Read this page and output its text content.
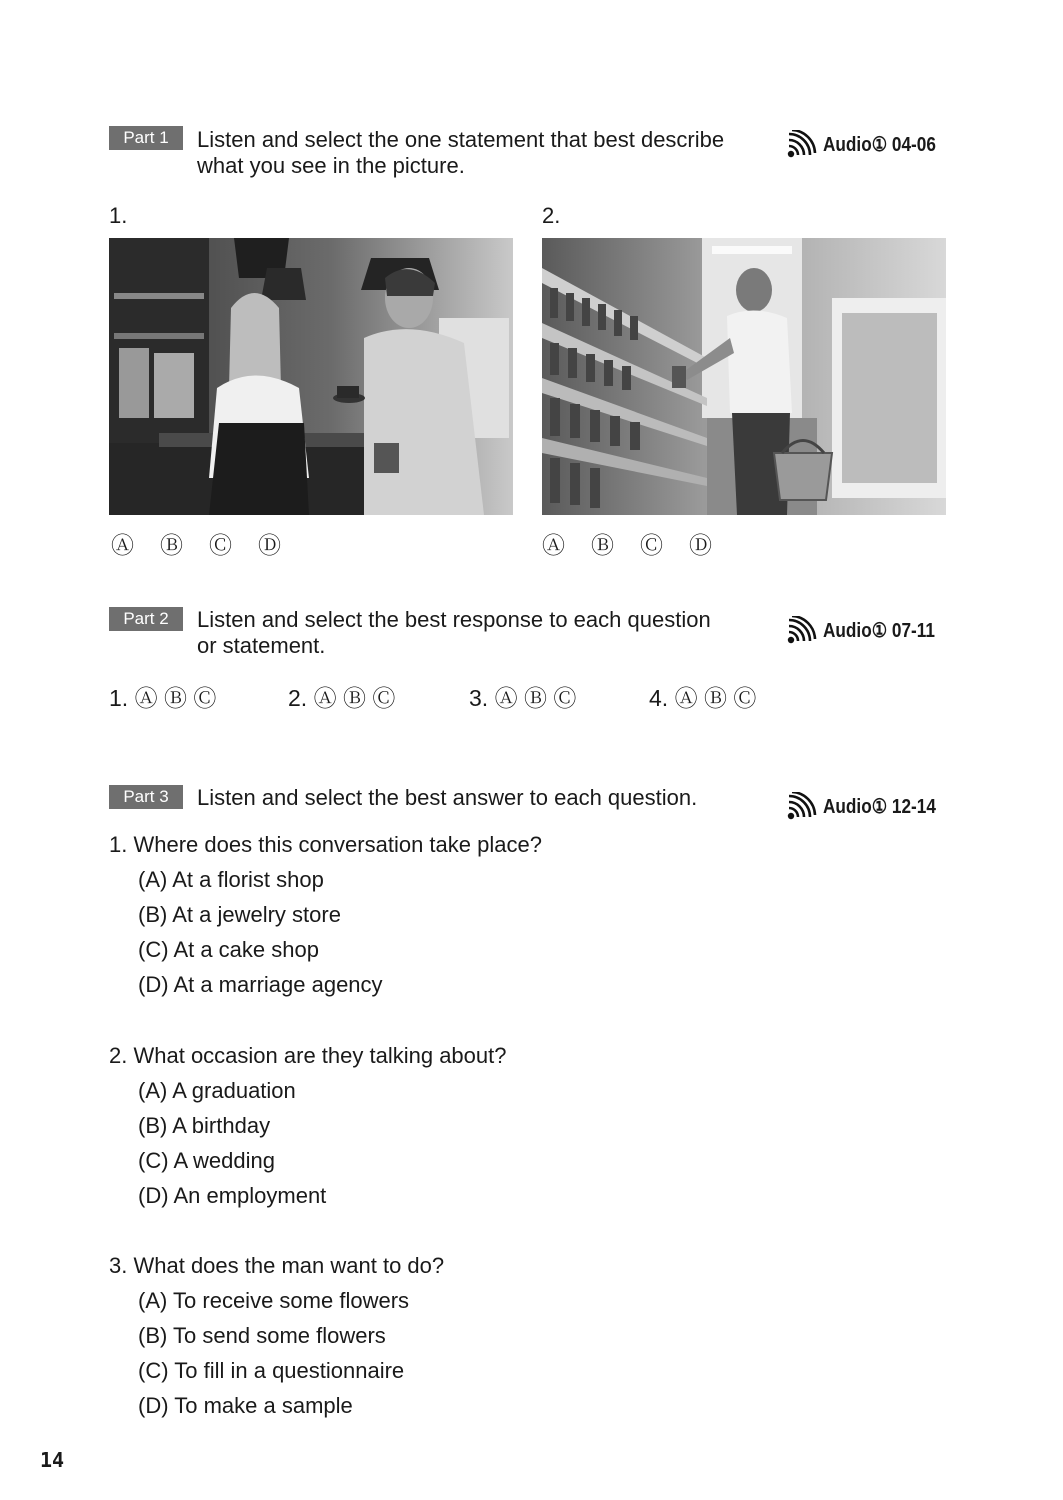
Part 1	Listen and select the one statement that best describe
what you see in the picture.
Audio① 04-06
1.	2.
Ⓐ Ⓑ Ⓒ Ⓓ	Ⓐ Ⓑ Ⓒ Ⓓ
Part 2	Listen and select the best response to each question
or statement.
Audio① 07-11
1. Ⓐ Ⓑ Ⓒ	2. Ⓐ Ⓑ Ⓒ	3. Ⓐ Ⓑ Ⓒ	4. Ⓐ Ⓑ Ⓒ
Part 3	Listen and select the best answer to each question.	Audio① 12-14
1. Where does this conversation take place?
(A) At a florist shop
(B) At a jewelry store
(C) At a cake shop
(D) At a marriage agency
2. What occasion are they talking about?
(A) A graduation
(B) A birthday
(C) A wedding
(D) An employment
3. What does the man want to do?
(A) To receive some flowers
(B) To send some flowers
(C) To fill in a questionnaire
(D) To make a sample
14
